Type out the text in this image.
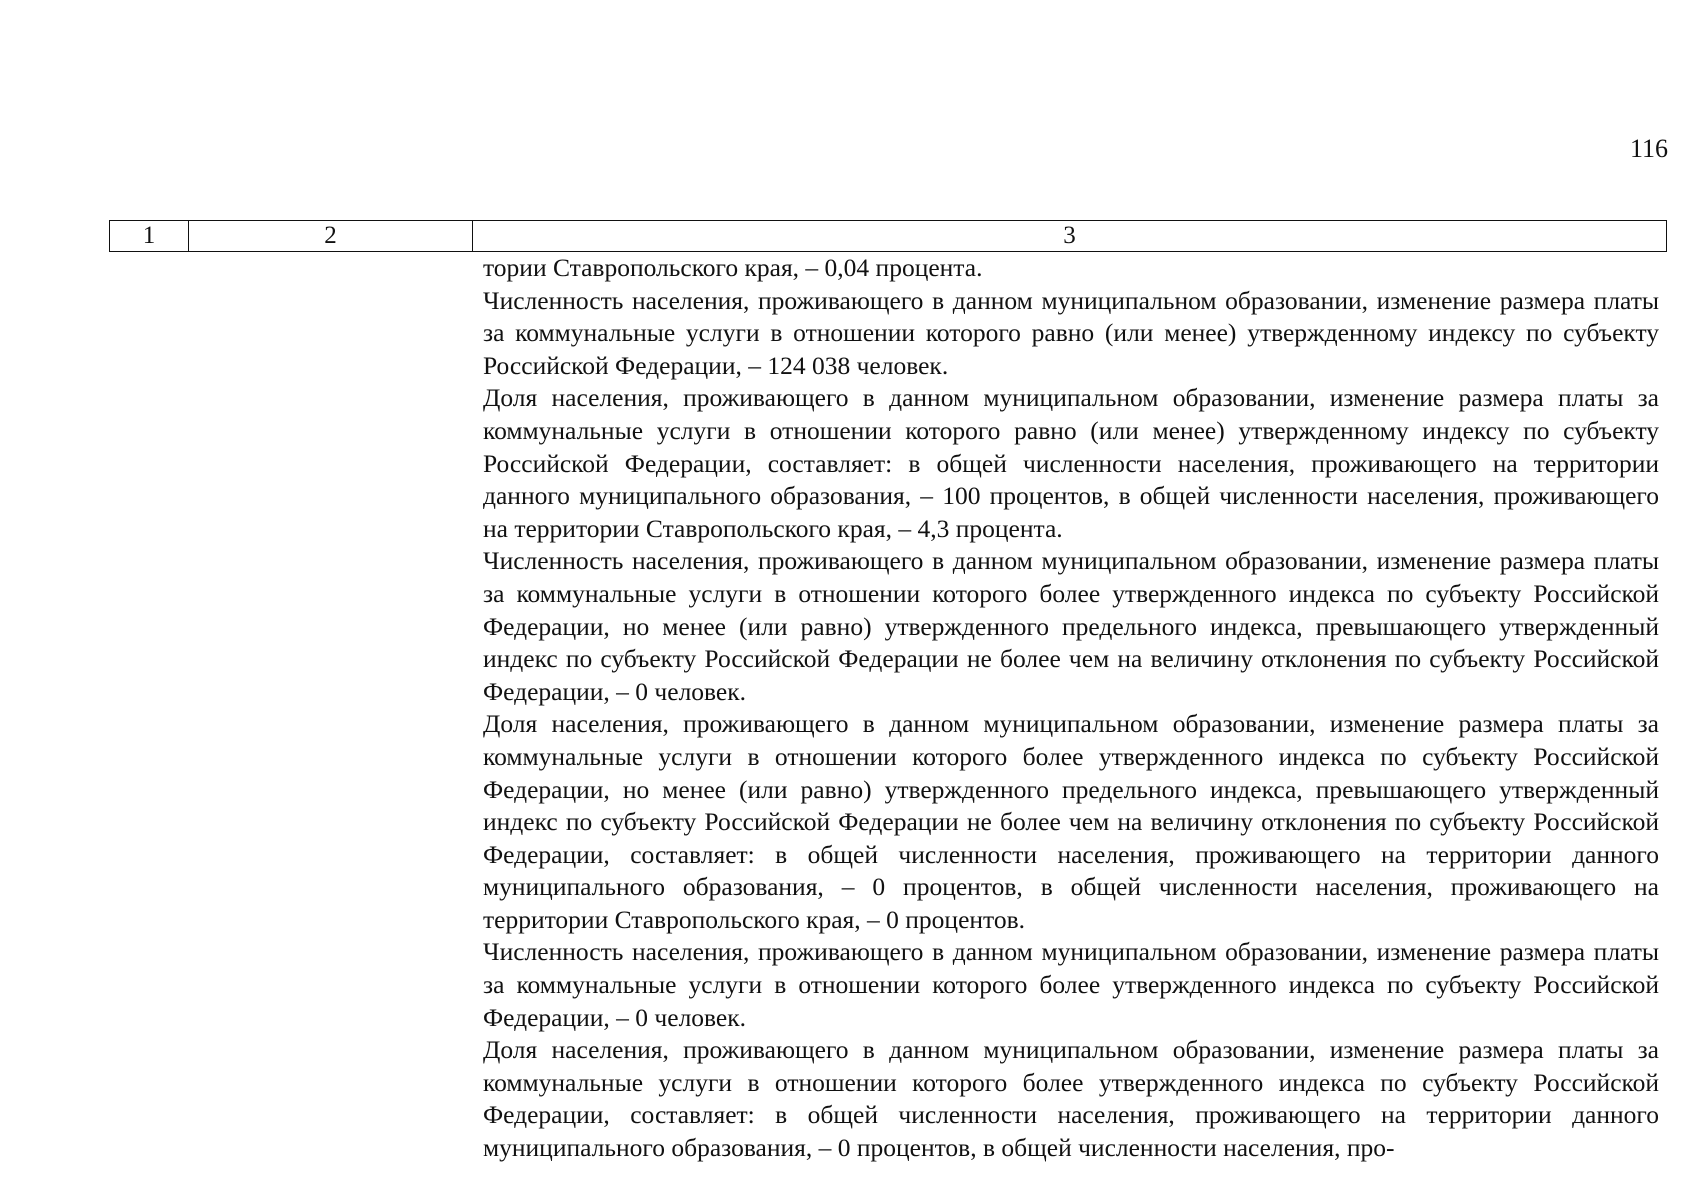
116
1	2	3

тории Ставропольского края, – 0,04 процента.

Численность населения, проживающего в данном муниципальном образовании, изменение размера платы за коммунальные услуги в отношении которого равно (или менее) утвержденному индексу по субъекту Российской Федерации, – 124 038 человек.

Доля населения, проживающего в данном муниципальном образовании, изменение размера платы за коммунальные услуги в отношении которого равно (или менее) утвержденному индексу по субъекту Российской Федерации, составляет: в общей численности населения, проживающего на территории данного муниципального образования, – 100 процентов, в общей численности населения, проживающего на территории Ставропольского края, – 4,3 процента.

Численность населения, проживающего в данном муниципальном образовании, изменение размера платы за коммунальные услуги в отношении которого более утвержденного индекса по субъекту Российской Федерации, но менее (или равно) утвержденного предельного индекса, превышающего утвержденный индекс по субъекту Российской Федерации не более чем на величину отклонения по субъекту Российской Федерации, – 0 человек.

Доля населения, проживающего в данном муниципальном образовании, изменение размера платы за коммунальные услуги в отношении которого более утвержденного индекса по субъекту Российской Федерации, но менее (или равно) утвержденного предельного индекса, превышающего утвержденный индекс по субъекту Российской Федерации не более чем на величину отклонения по субъекту Российской Федерации, составляет: в общей численности населения, проживающего на территории данного муниципального образования, – 0 процентов, в общей численности населения, проживающего на территории Ставропольского края, – 0 процентов.

Численность населения, проживающего в данном муниципальном образовании, изменение размера платы за коммунальные услуги в отношении которого более утвержденного индекса по субъекту Российской Федерации, – 0 человек.

Доля населения, проживающего в данном муниципальном образовании, изменение размера платы за коммунальные услуги в отношении которого более утвержденного индекса по субъекту Российской Федерации, составляет: в общей численности населения, проживающего на территории данного муниципального образования, – 0 процентов, в общей численности населения, про-
